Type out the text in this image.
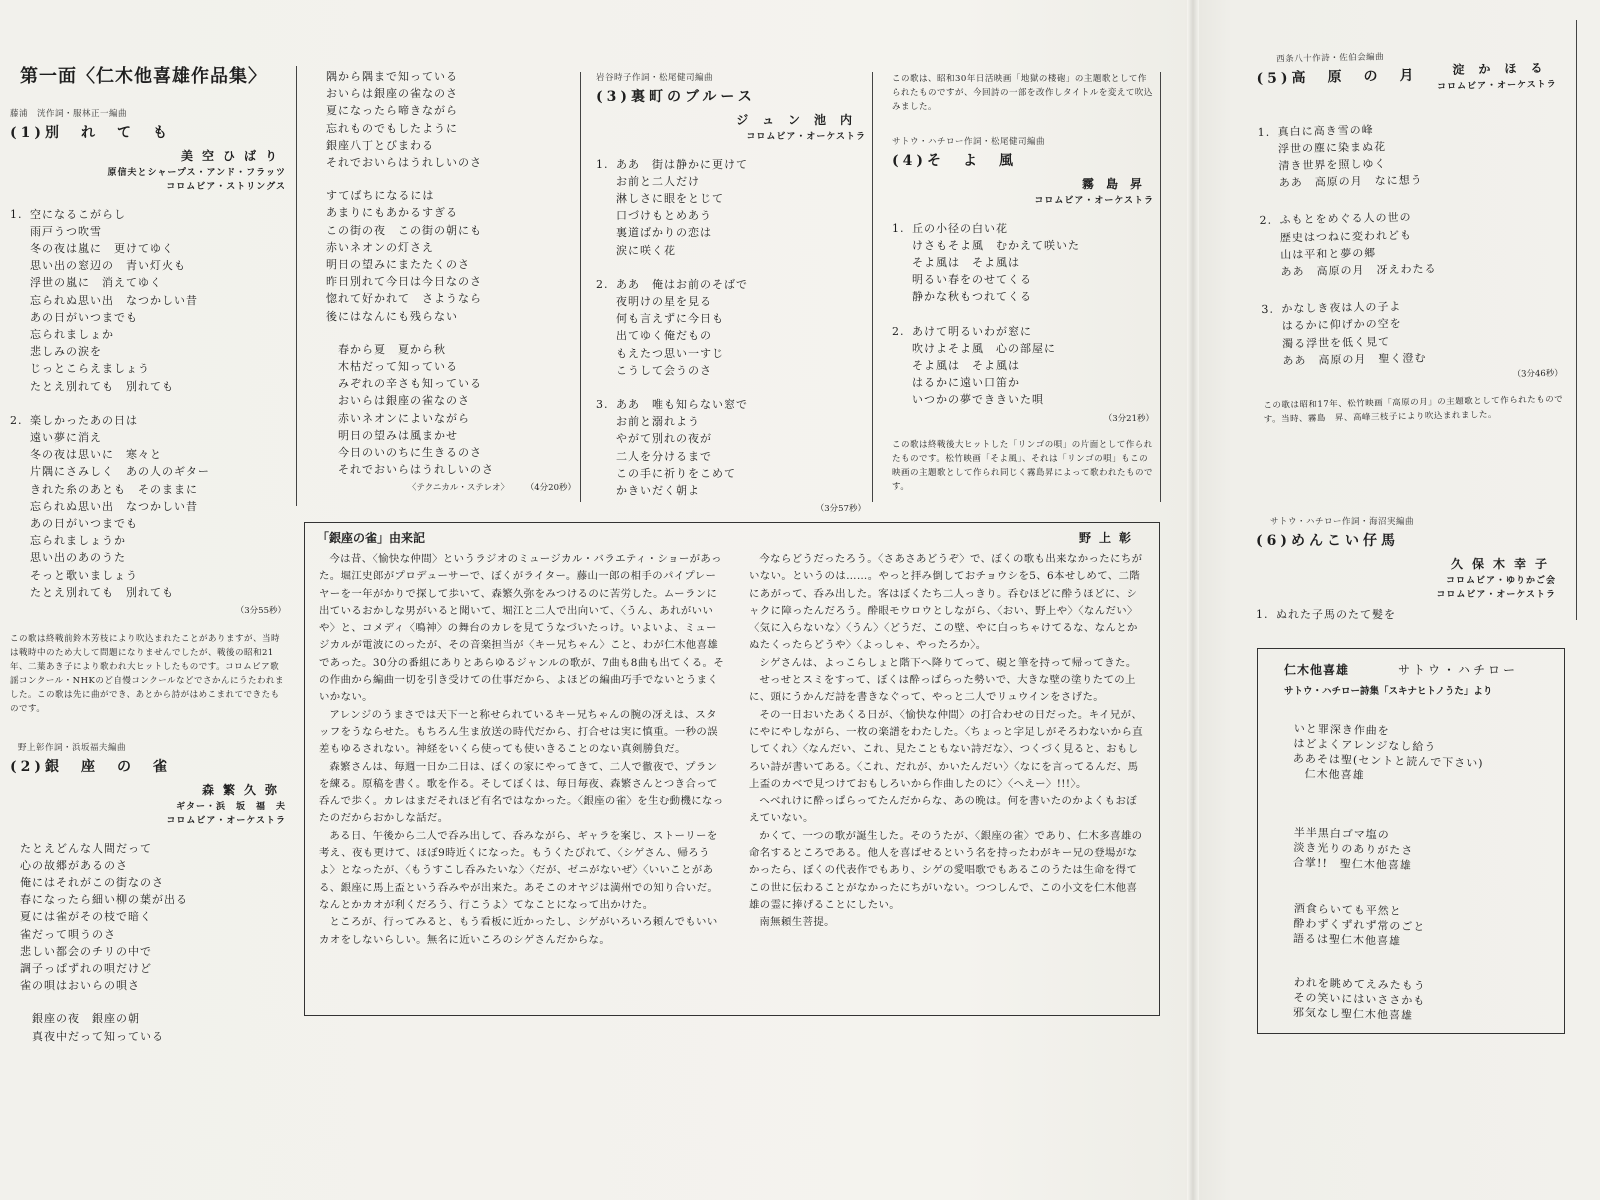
第一面〈仁木他喜雄作品集〉
藤浦　洸作詞・服林正一編曲
(1)別　れ　て　も
美空ひばり
原信夫とシャープス・アンド・フラッツ
コロムビア・ストリングス
1. 空になるこがらし
雨戸うつ吹雪
冬の夜は嵐に　更けてゆく
思い出の窓辺の　青い灯火も
浮世の嵐に　消えてゆく
忘られぬ思い出　なつかしい昔
あの日がいつまでも
忘られましょか
悲しみの涙を
じっとこらえましょう
たとえ別れても　別れても
2. 楽しかったあの日は
遠い夢に消え
冬の夜は思いに　寒々と
片隅にさみしく　あの人のギター
きれた糸のあとも　そのままに
忘られぬ思い出　なつかしい昔
あの日がいつまでも
忘られましょうか
思い出のあのうた
そっと歌いましょう
たとえ別れても　別れても
（3分55秒）
この歌は終戦前鈴木芳枝により吹込まれたことがありますが、当時は戦時中のため大して問題になりませんでしたが、戦後の昭和21年、二葉あき子により歌われ大ヒットしたものです。コロムビア歌謡コンクール・NHKのど自慢コンクールなどでさかんにうたわれました。この歌は先に曲ができ、あとから詩がはめこまれてできたものです。
野上彰作詞・浜坂福夫編曲
(2)銀　座　の　雀
森繁久弥
ギター・浜　坂　福　夫
コロムビア・オーケストラ
たとえどんな人間だって
心の故郷があるのさ
俺にはそれがこの街なのさ
春になったら細い柳の葉が出る
夏には雀がその枝で暗く
雀だって唄うのさ
悲しい都会のチリの中で
調子っぱずれの唄だけど
雀の唄はおいらの唄さ
銀座の夜　銀座の朝
真夜中だって知っている
隅から隅まで知っている
おいらは銀座の雀なのさ
夏になったら啼きながら
忘れものでもしたように
銀座八丁とびまわる
それでおいらはうれしいのさ
すてばちになるには
あまりにもあかるすぎる
この街の夜　この街の朝にも
赤いネオンの灯さえ
明日の望みにまたたくのさ
昨日別れて今日は今日なのさ
惚れて好かれて　さようなら
後にはなんにも残らない
春から夏　夏から秋
木枯だって知っている
みぞれの辛さも知っている
おいらは銀座の雀なのさ
赤いネオンによいながら
明日の望みは風まかせ
今日のいのちに生きるのさ
それでおいらはうれしいのさ
〈テクニカル・ステレオ〉 （4分20秒）
岩谷時子作詞・松尾健司編曲
(3)裏町のブルース
ジュン池内
コロムビア・オーケストラ
1. ああ　街は静かに更けて
お前と二人だけ
淋しさに眼をとじて
口づけもとめあう
裏道ばかりの恋は
涙に咲く花
2. ああ　俺はお前のそばで
夜明けの星を見る
何も言えずに今日も
出てゆく俺だもの
もえたつ思い一すじ
こうして会うのさ
3. ああ　唯も知らない窓で
お前と溺れよう
やがて別れの夜が
二人を分けるまで
この手に祈りをこめて
かきいだく朝よ
（3分57秒）
この歌は、昭和30年日活映画「地獄の楼砲」の主題歌として作られたものですが、今回詩の一部を改作しタイトルを変えて吹込みました。
サトウ・ハチロー作詞・松尾健司編曲
(4)そ　よ　風
霧島昇
コロムビア・オーケストラ
1. 丘の小径の白い花
けさもそよ風　むかえて咲いた
そよ風は　そよ風は
明るい春をのせてくる
静かな秋もつれてくる
2. あけて明るいわが窓に
吹けよそよ風　心の部屋に
そよ風は　そよ風は
はるかに遠い口笛か
いつかの夢でききいた唄
（3分21秒）
この歌は終戦後大ヒットした「リンゴの唄」の片面として作られたものです。松竹映画「そよ風」、それは「リンゴの唄」もこの映画の主題歌として作られ同じく霧島昇によって歌われたものです。
西条八十作詩・佐伯会編曲
(5)高　原　の　月	淀かほる
コロムビア・オーケストラ
1. 真白に高き雪の峰
浮世の塵に染まぬ花
清き世界を照しゆく
ああ　高原の月　なに想う
2. ふもとをめぐる人の世の
歴史はつねに変われども
山は平和と夢の郷
ああ　高原の月　冴えわたる
3. かなしき夜は人の子よ
はるかに仰げかの空を
濁る浮世を低く見て
ああ　高原の月　聖く澄む
（3分46秒）
この歌は昭和17年、松竹映画「高原の月」の主題歌として作られたものです。当時、霧島　昇、高峰三枝子により吹込まれました。
サトウ・ハチロー作詞・海沼実編曲
(6)めんこい仔馬
久保木幸子
コロムビア・ゆりかご会
コロムビア・オーケストラ
1. ぬれた子馬のたて髪を
「銀座の雀」由来記	野上彰

今は昔、〈愉快な仲間〉というラジオのミュージカル・バラエティ・ショーがあった。堀江史郎がプロデューサーで、ぼくがライター。藤山一郎の相手のパイプレーヤーを一年がかりで探して歩いて、森繁久弥をみつけるのに苦労した。ムーランに出ているおかしな男がいると聞いて、堀江と二人で出向いて、〈うん、あれがいいや〉と、コメディ〈鳴神〉の舞台のカレを見てうなづいたっけ。いよいよ、ミュージカルが電波にのったが、その音楽担当が〈キー兄ちゃん〉こと、わが仁木他喜雄であった。30分の番組にありとあらゆるジャンルの歌が、7曲も8曲も出てくる。その作曲から編曲一切を引き受けての仕事だから、よほどの編曲巧手でないとうまくいかない。

アレンジのうまさでは天下一と称せられているキー兄ちゃんの腕の冴えは、スタッフをうならせた。もちろん生ま放送の時代だから、打合せは実に慎重。一秒の誤差もゆるされない。神経をいくら使っても使いきることのない真剣勝負だ。

森繁さんは、毎週一日か二日は、ぼくの家にやってきて、二人で徹夜で、プランを練る。原稿を書く。歌を作る。そしてぼくは、毎日毎夜、森繁さんとつき合って呑んで歩く。カレはまだそれほど有名ではなかった。〈銀座の雀〉を生む動機になったのだからおかしな話だ。

ある日、午後から二人で呑み出して、呑みながら、ギャラを案じ、ストーリーを考え、夜も更けて、ほぼ9時近くになった。もうくたびれて、〈シゲさん、帰ろうよ〉となったが、〈もうすこし呑みたいな〉〈だが、ゼニがないぜ〉〈いいことがある、銀座に馬上盃という呑みやが出来た。あそこのオヤジは満州での知り合いだ。なんとかカオが利くだろう、行こうよ〉てなことになって出かけた。

ところが、行ってみると、もう看板に近かったし、シゲがいろいろ頼んでもいいカオをしないらしい。無名に近いころのシゲさんだからな。

今ならどうだったろう。〈さあさあどうぞ〉で、ぼくの歌も出来なかったにちがいない。というのは……。やっと拝み倒しておチョウシを5、6本せしめて、二階にあがって、呑み出した。客はぼくたち二人っきり。呑むほどに酔うほどに、シャクに障ったんだろう。酔眼モウロウとしながら、〈おい、野上や〉〈なんだい〉〈気に入らないな〉〈うん〉〈どうだ、この壁、やに白っちゃけてるな、なんとかぬたくったらどうや〉〈よっしゃ、やったろか〉。

シゲさんは、よっこらしょと階下へ降りてって、硯と筆を持って帰ってきた。

せっせとスミをすって、ぼくは酔っぱらった勢いで、大きな壁の塗りたての上に、頭にうかんだ詩を書きなぐって、やっと二人でリュウインをさげた。

その一日おいたあくる日が、〈愉快な仲間〉の打合わせの日だった。キイ兄が、にやにやしながら、一枚の楽譜をわたした。〈ちょっと字足しがそろわないから直してくれ〉〈なんだい、これ、見たこともない詩だな〉、つくづく見ると、おもしろい詩が書いてある。〈これ、だれが、かいたんだい〉〈なにを言ってるんだ、馬上盃のカベで見つけておもしろいから作曲したのに〉〈へえー〉!!!〉。

へべれけに酔っぱらってたんだからな、あの晩は。何を書いたのかよくもおぼえていない。

かくて、一つの歌が誕生した。そのうたが、〈銀座の雀〉であり、仁木多喜雄の命名するところである。他人を喜ばせるという名を持ったわがキー兄の登場がなかったら、ぼくの代表作でもあり、シゲの愛唱歌でもあるこのうたは生命を得てこの世に伝わることがなかったにちがいない。つつしんで、この小文を仁木他喜雄の霊に捧げることにしたい。

南無頼生菩提。

仁木他喜雄	サトウ・ハチロー
サトウ・ハチロー詩集「スキナヒトノうた」より
いと罪深き作曲を
はどよくアレンジなし給う
ああそは聖(セントと読んで下さい)
仁木他喜雄
半半黒白ゴマ塩の
淡き光りのありがたさ
合掌!!　聖仁木他喜雄
酒食らいても平然と
酔わずくずれず常のごと
語るは聖仁木他喜雄
われを眺めてえみたもう
その笑いにはいささかも
邪気なし聖仁木他喜雄
